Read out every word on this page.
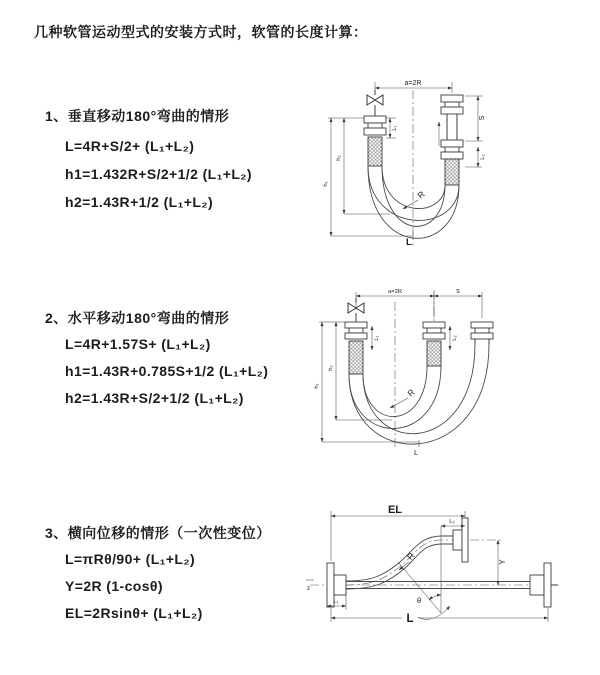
几种软管运动型式的安装方式时，软管的长度计算：
1、垂直移动180°弯曲的情形
L=4R+S/2+ (L₁+L₂)
h1=1.432R+S/2+1/2 (L₁+L₂)
h2=1.43R+1/2 (L₁+L₂)
2、水平移动180°弯曲的情形
L=4R+1.57S+ (L₁+L₂)
h1=1.43R+0.785S+1/2 (L₁+L₂)
h2=1.43R+S/2+1/2 (L₁+L₂)
3、横向位移的情形（一次性变位）
L=πRθ/90+ (L₁+L₂)
Y=2R (1-cosθ)
EL=2Rsinθ+ (L₁+L₂)
a=2R
L₁
S
L₂
h₂
h₁
R
L
a=2R	s
L₁	L₂
h₂
h₁
R
L
z
EL
L₂
Y
θ
R
L₁
L
